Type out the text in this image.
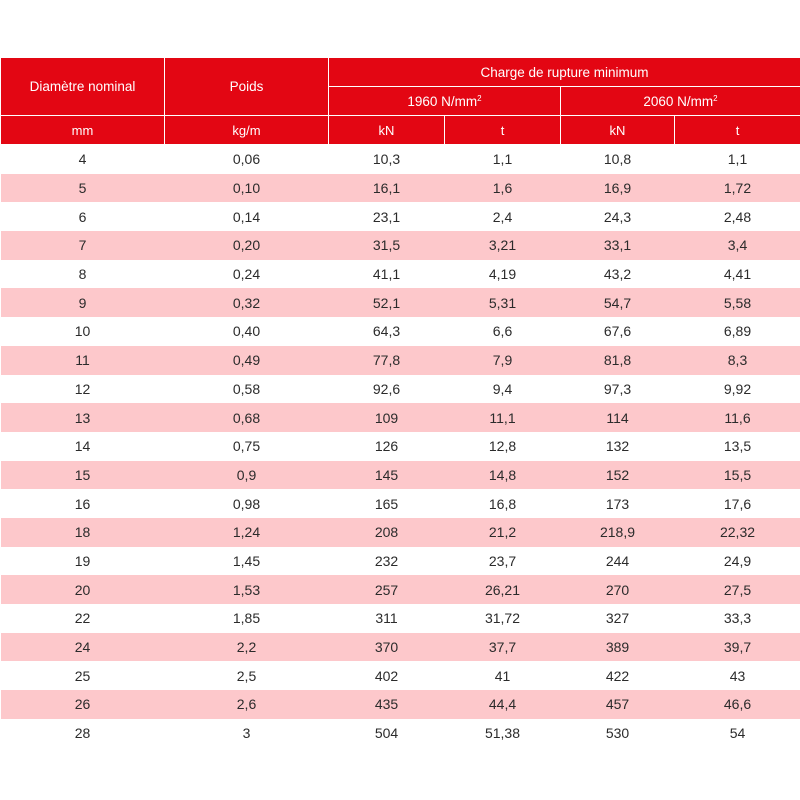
Diamètre nominal	Poids	Charge de rupture minimum			
		1960 $N/mm^2$		2060 $N/mm^2$
mm	kg/m	kN	t	kN	t
4	0,06	10,3	1,1	10,8	1,1
5	0,10	16,1	1,6	16,9	1,72
6	0,14	23,1	2,4	24,3	2,48
7	0,20	31,5	3,21	33,1	3,4
8	0,24	41,1	4,19	43,2	4,41
9	0,32	52,1	5,31	54,7	5,58
10	0,40	64,3	6,6	67,6	6,89
11	0,49	77,8	7,9	81,8	8,3
12	0,58	92,6	9,4	97,3	9,92
13	0,68	109	11,1	114	11,6
14	0,75	126	12,8	132	13,5
15	0,9	145	14,8	152	15,5
16	0,98	165	16,8	173	17,6
18	1,24	208	21,2	218,9	22,32
19	1,45	232	23,7	244	24,9
20	1,53	257	26,21	270	27,5
22	1,85	311	31,72	327	33,3
24	2,2	370	37,7	389	39,7
25	2,5	402	41	422	43
26	2,6	435	44,4	457	46,6
28	3	504	51,38	530	54
